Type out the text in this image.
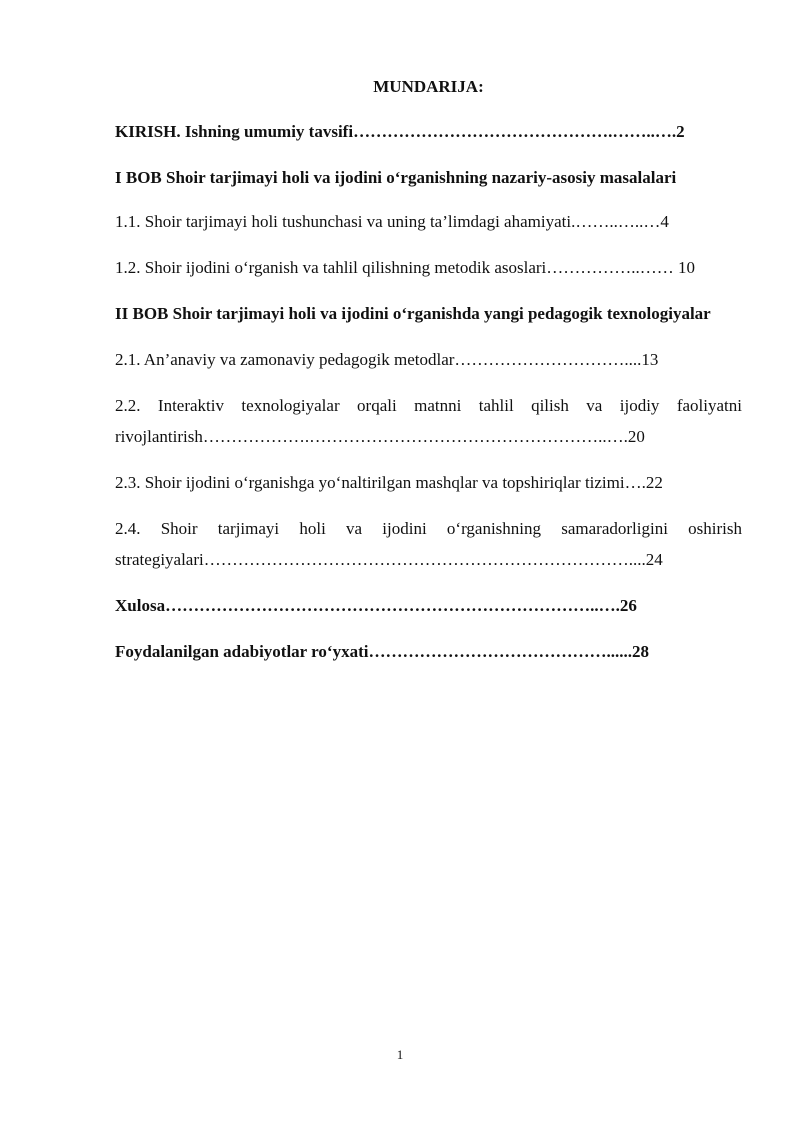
MUNDARIJA:
KIRISH. Ishning umumiy tavsifi……………………………………….……..….2
I BOB Shoir tarjimayi holi va ijodini o‘rganishning nazariy-asosiy masalalari
1.1. Shoir tarjimayi holi tushunchasi va uning ta’limdagi ahamiyati.……..…..…4
1.2. Shoir ijodini o‘rganish va tahlil qilishning metodik asoslari……………..…… 10
II BOB Shoir tarjimayi holi va ijodini o‘rganishda yangi pedagogik texnologiyalar
2.1. An’anaviy va zamonaviy pedagogik metodlar…………………………....13
2.2. Interaktiv texnologiyalar orqali matnni tahlil qilish va ijodiy faoliyatni rivojlantirish……………….……………………………………………..….20
2.3. Shoir ijodini o‘rganishga yo‘naltirilgan mashqlar va topshiriqlar tizimi….22
2.4. Shoir tarjimayi holi va ijodini o‘rganishning samaradorligini oshirish strategiyalari…………………………………………………………………....24
Xulosa…………………………………………………………………..….26
Foydalanilgan adabiyotlar ro‘yxati……………………………………......28
1
